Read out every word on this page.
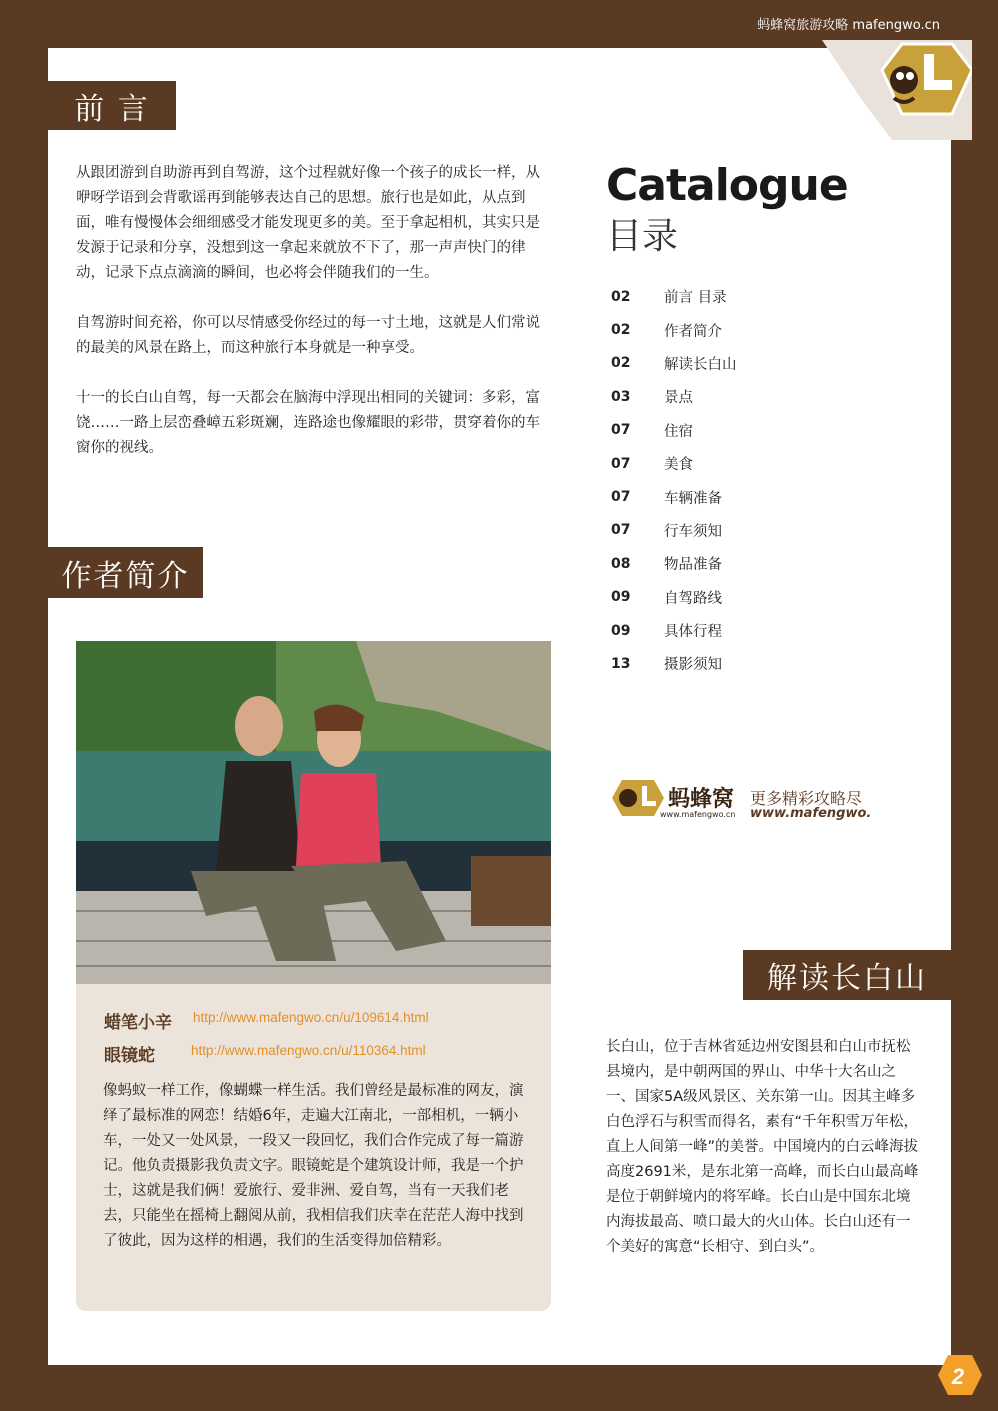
蚂蜂窝旅游攻略 mafengwo.cn
前 言
从跟团游到自助游再到自驾游，这个过程就好像一个孩子的成长一样，从咿呀学语到会背歌谣再到能够表达自己的思想。旅行也是如此，从点到面，唯有慢慢体会细细感受才能发现更多的美。至于拿起相机，其实只是发源于记录和分享，没想到这一拿起来就放不下了，那一声声快门的律动，记录下点点滴滴的瞬间，也必将会伴随我们的一生。
自驾游时间充裕，你可以尽情感受你经过的每一寸土地，这就是人们常说的最美的风景在路上，而这种旅行本身就是一种享受。
十一的长白山自驾，每一天都会在脑海中浮现出相同的关键词：多彩，富饶……一路上层峦叠嶂五彩斑斓，连路途也像耀眼的彩带，贯穿着你的车窗你的视线。
Catalogue
目录
02	前言 目录
02	作者简介
02	解读长白山
03	景点
07	住宿
07	美食
07	车辆准备
07	行车须知
08	物品准备
09	自驾路线
09	具体行程
13	摄影须知
蚂蜂窝
www.mafengwo.cn
更多精彩攻略尽
www.mafengwo.
作者简介
蜡笔小辛 http://www.mafengwo.cn/u/109614.html
眼镜蛇	http://www.mafengwo.cn/u/110364.html
像蚂蚁一样工作，像蝴蝶一样生活。我们曾经是最标准的网友，演绎了最标准的网恋！结婚6年，走遍大江南北，一部相机，一辆小车，一处又一处风景，一段又一段回忆，我们合作完成了每一篇游记。他负责摄影我负责文字。眼镜蛇是个建筑设计师，我是一个护士，这就是我们俩！爱旅行、爱非洲、爱自驾，当有一天我们老去，只能坐在摇椅上翻阅从前，我相信我们庆幸在茫茫人海中找到了彼此，因为这样的相遇，我们的生活变得加倍精彩。
解读长白山
长白山，位于吉林省延边州安图县和白山市抚松县境内，是中朝两国的界山、中华十大名山之一、国家5A级风景区、关东第一山。因其主峰多白色浮石与积雪而得名，素有“千年积雪万年松，直上人间第一峰”的美誉。中国境内的白云峰海拔高度2691米，是东北第一高峰，而长白山最高峰是位于朝鲜境内的将军峰。长白山是中国东北境内海拔最高、喷口最大的火山体。长白山还有一个美好的寓意“长相守、到白头”。
2
